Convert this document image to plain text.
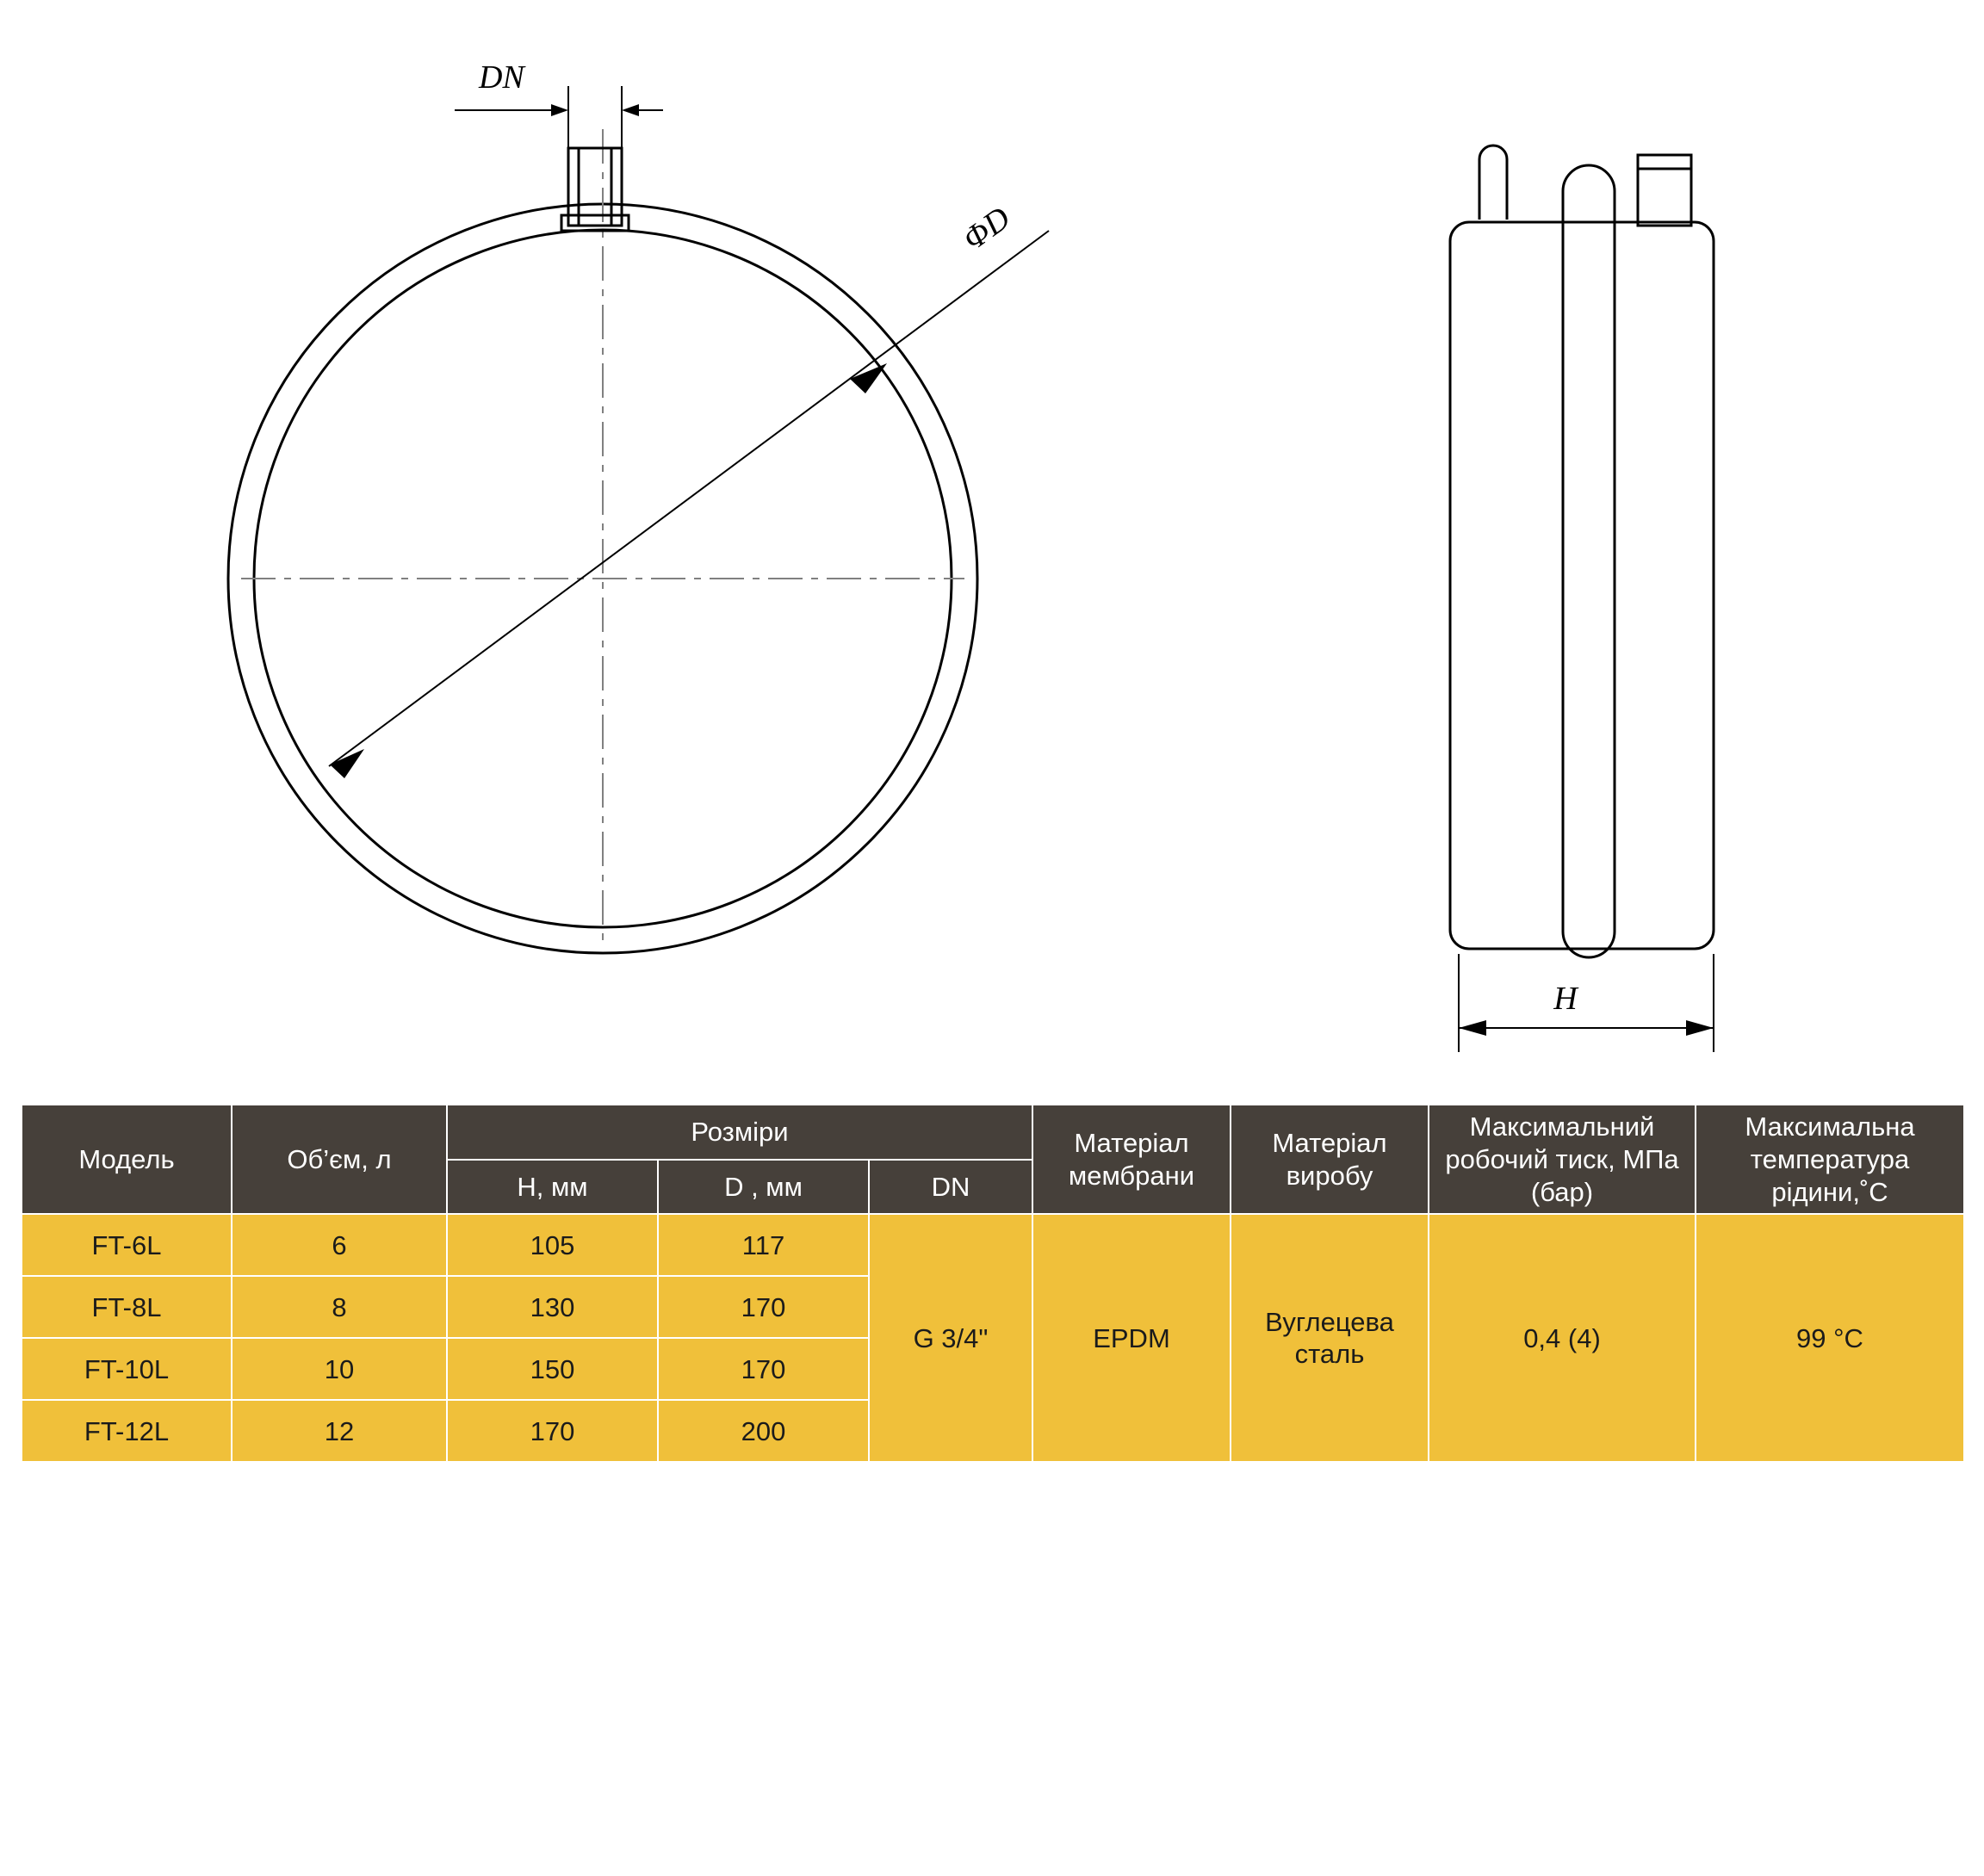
DN
ΦD
H
Модель	Об’єм, л	Розміри			Матеріал мембрани	Матеріал виробу	Максимальний робочий тиск, МПа (бар)	Максимальна температура рідини,˚C
		H, мм	D , мм	DN				
FT-6L	6	105	117	G 3/4"	EPDM	Вуглецева сталь	0,4 (4)	99 °C
FT-8L	8	130	170					
FT-10L	10	150	170					
FT-12L	12	170	200					
